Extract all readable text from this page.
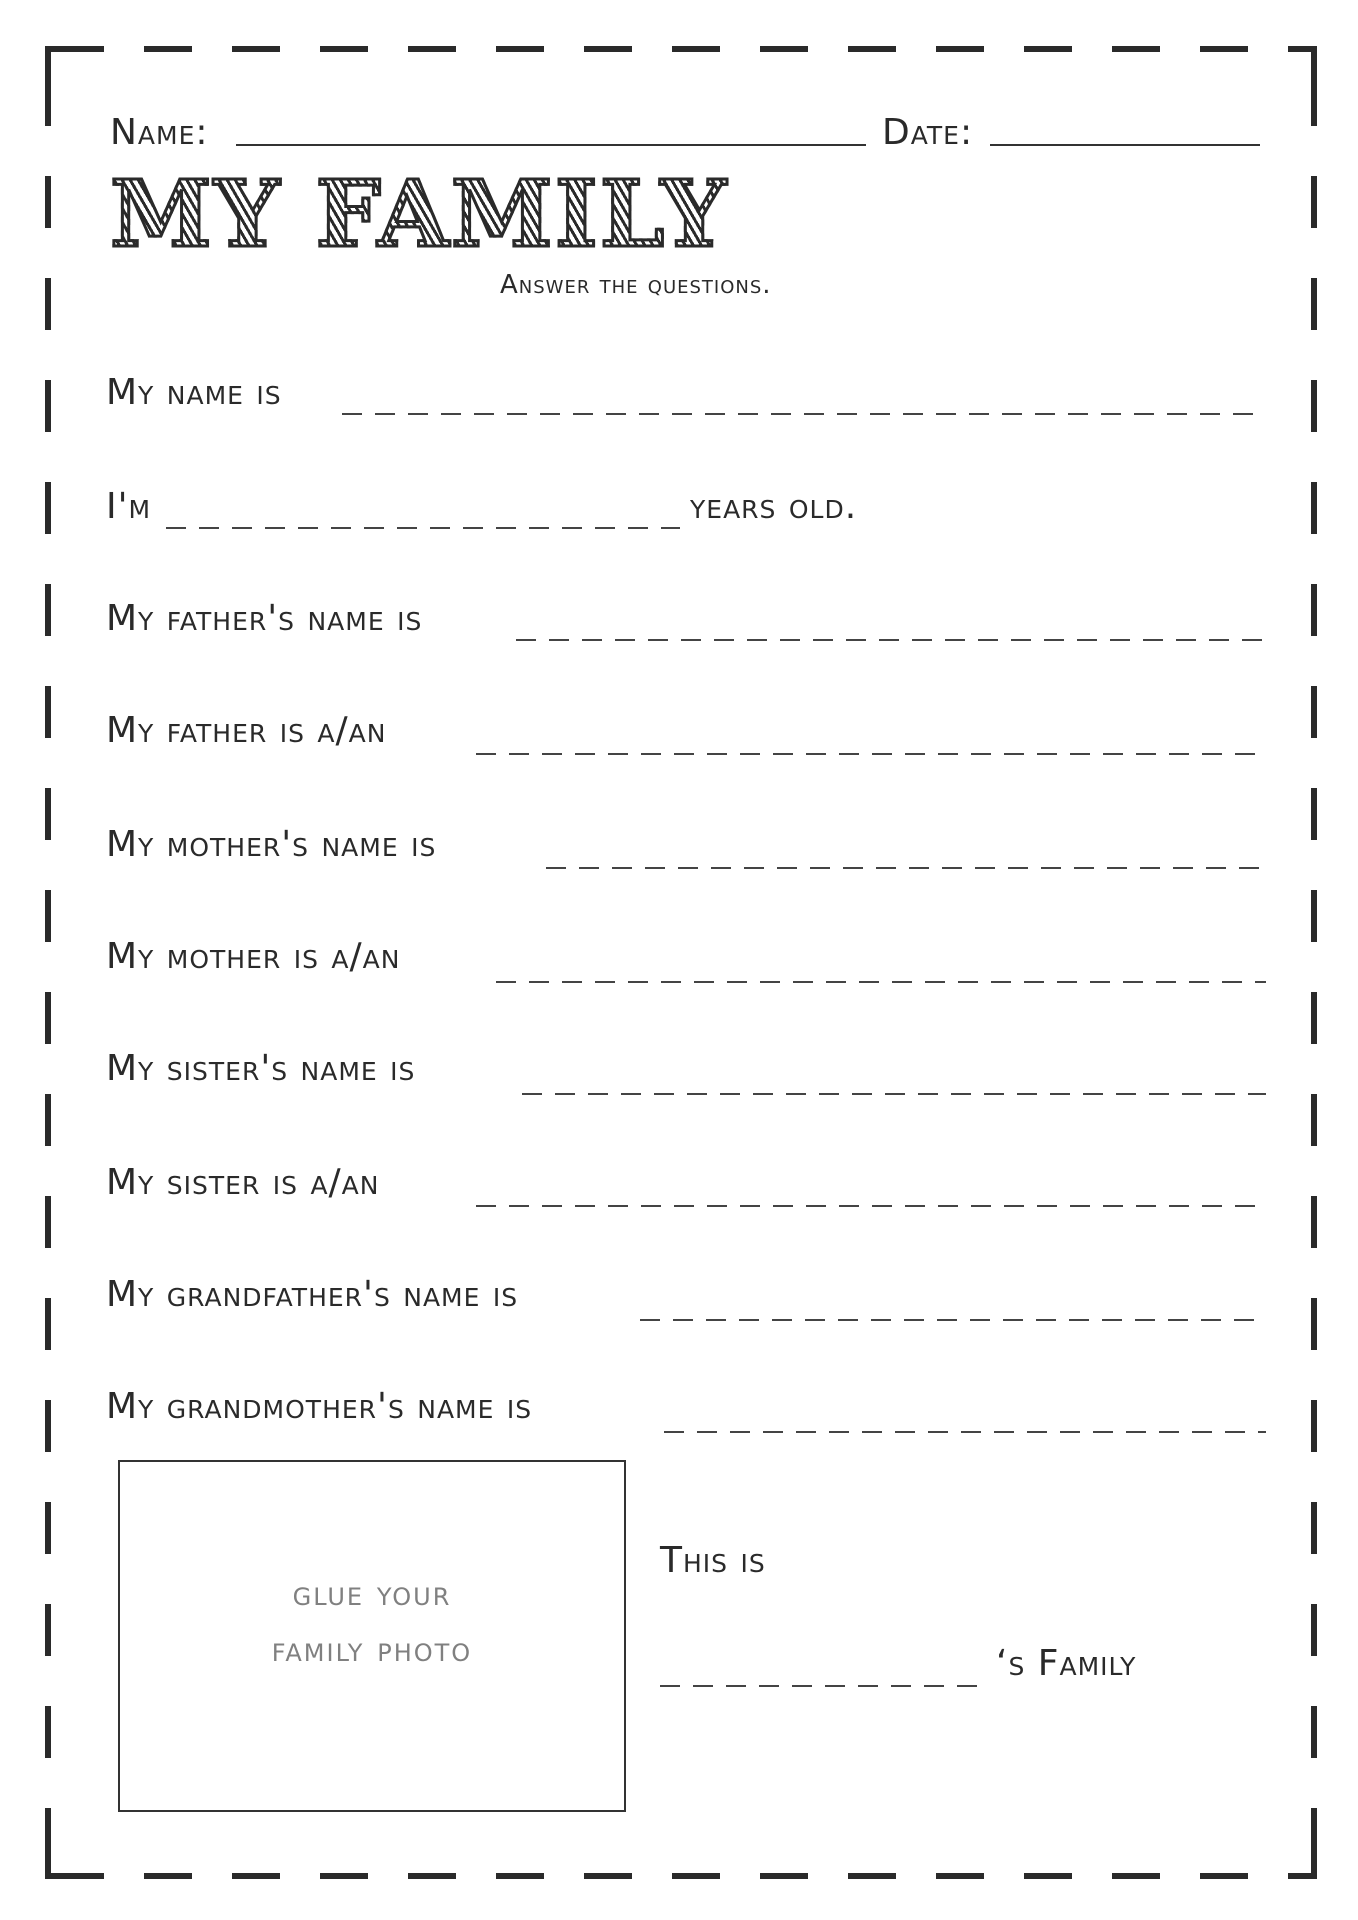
Name:	Date:
MY FAMILY
Answer the questions.
My name is
I'm	years old.
My father's name is
My father is a/an
My mother's name is
My mother is a/an
My sister's name is
My sister is a/an
My grandfather's name is
My grandmother's name is
glue your
family photo
This is
‘s Family
